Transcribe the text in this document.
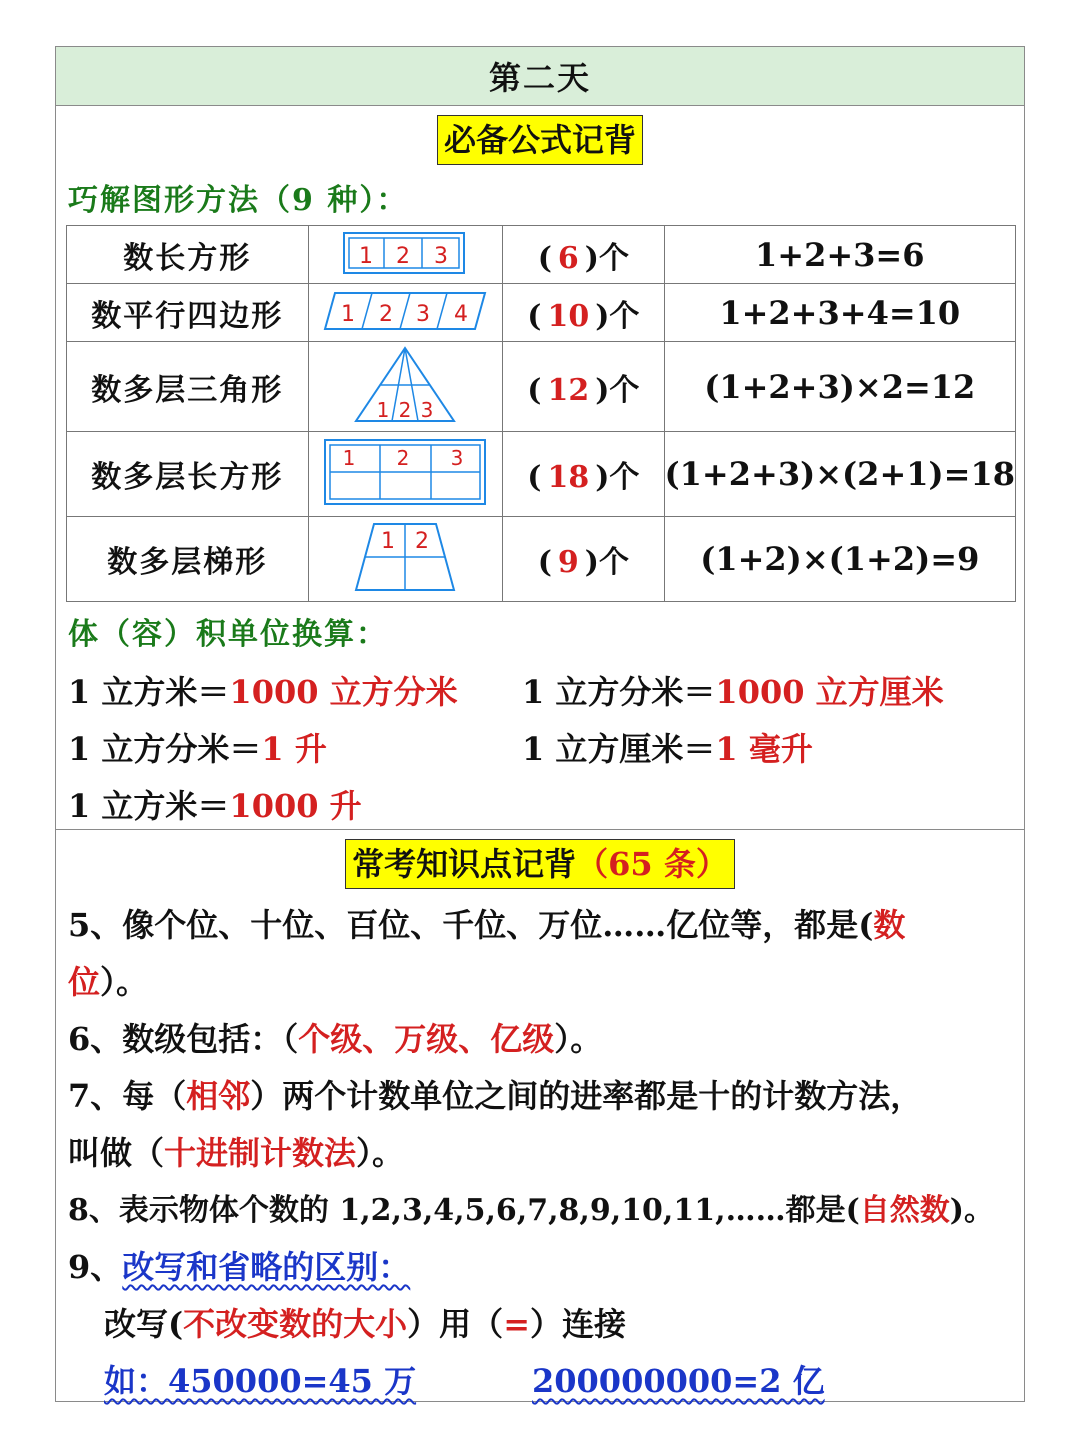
第二天
必备公式记背
巧解图形方法（9 种）：
数长方形	1 2 3	( 6 )个	1+2+3=6
数平行四边形	1 2 3 4	( 10 )个	1+2+3+4=10
数多层三角形	1 2 3	( 12 )个	(1+2+3)×2=12
数多层长方形	1 2 3	( 18 )个	(1+2+3)×(2+1)=18
数多层梯形	1 2	( 9 )个	(1+2)×(1+2)=9
体（容）积单位换算：
1 立方米＝1000 立方分米 1 立方分米＝1000 立方厘米
1 立方分米＝1 升	1 立方厘米＝1 毫升
1 立方米＝1000 升
常考知识点记背（65 条）
5、像个位、十位、百位、千位、万位……亿位等，都是(数
位）。
6、数级包括：（个级、万级、亿级）。
7、每（相邻）两个计数单位之间的进率都是十的计数方法，
叫做（十进制计数法）。
8、表示物体个数的 1,2,3,4,5,6,7,8,9,10,11,……都是(自然数)。
9、改写和省略的区别：
改写(不改变数的大小）用（=）连接
如：450000=45 万	200000000=2 亿
